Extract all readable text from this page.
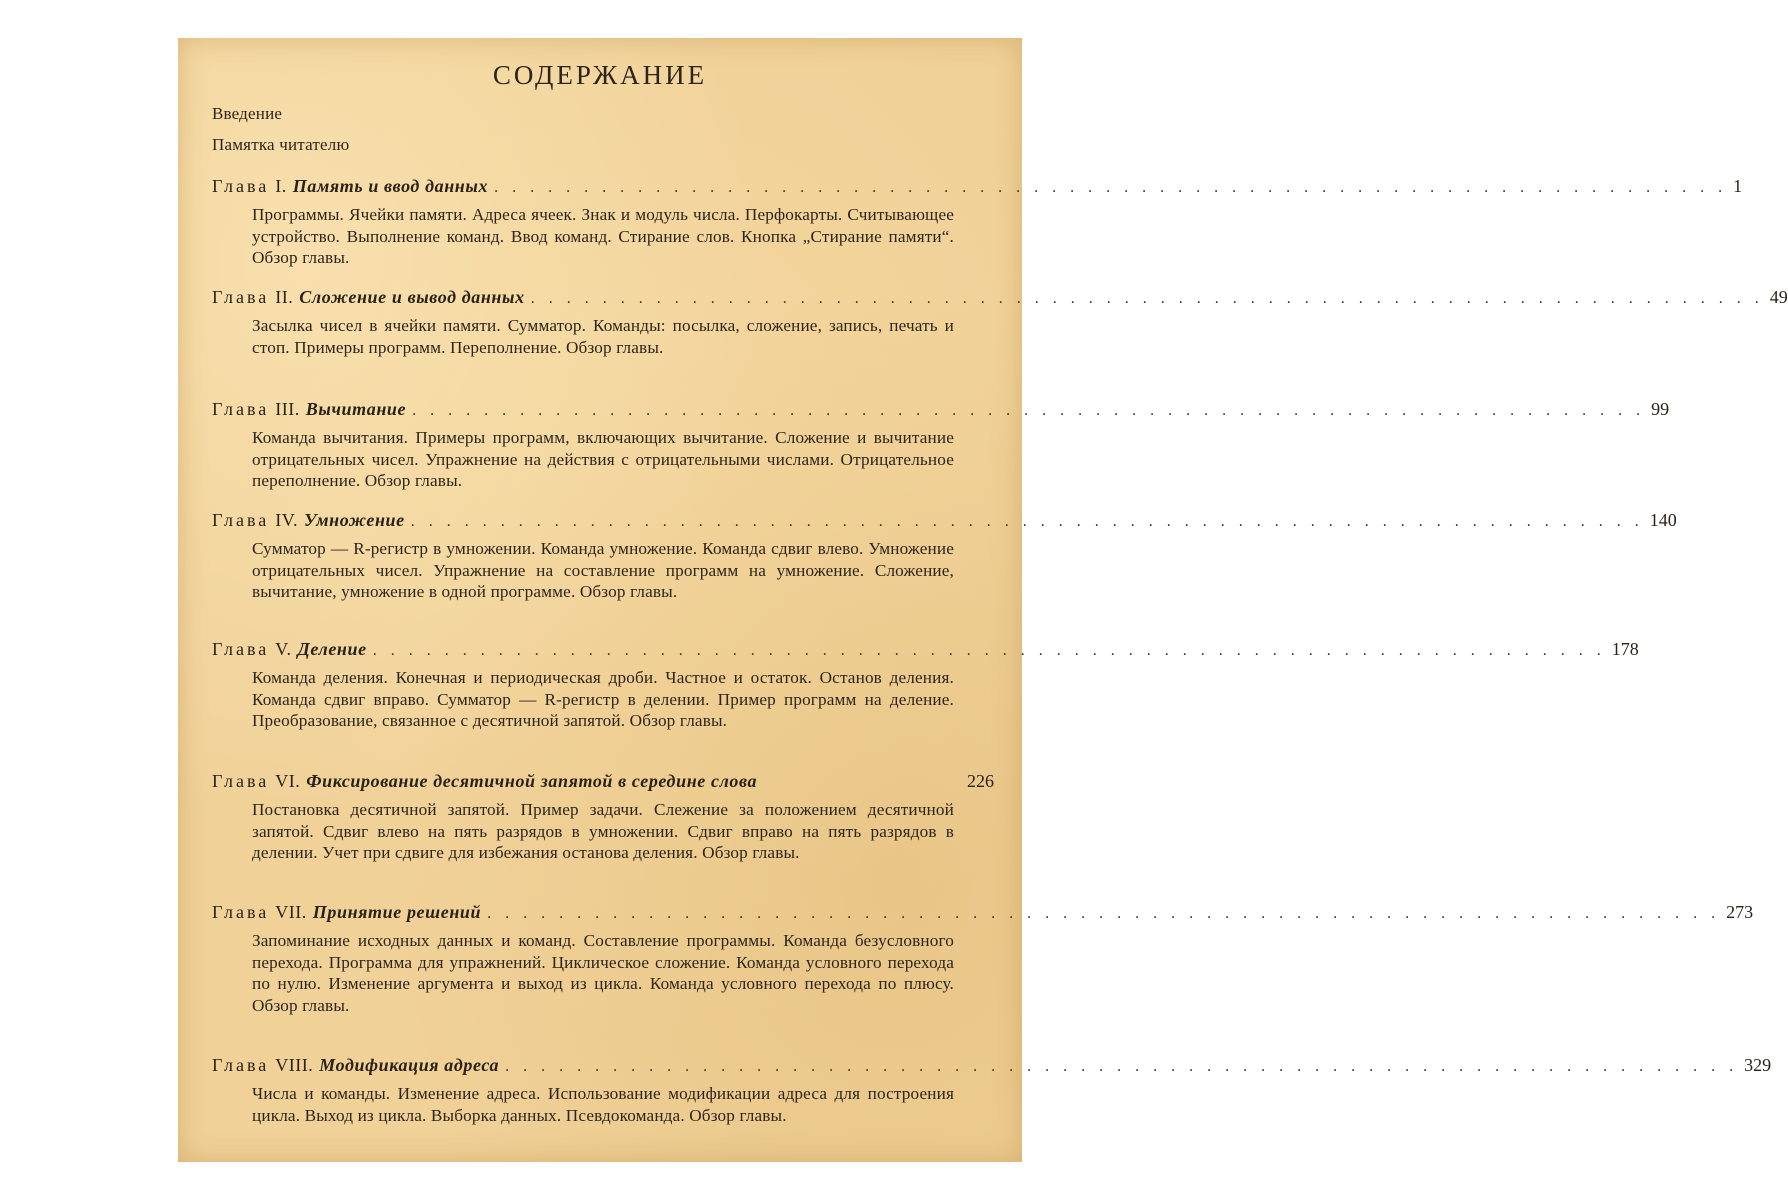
СОДЕРЖАНИЕ
Введение
Памятка читателю
Глава I. Память и ввод данных . . . . . . . . . . . . . . . . . . . . . . . . . . . . . . . . . . . . . . . . . . . . . . . . . . . . . . . . . . . . . . . . . . . . . 1
Программы. Ячейки памяти. Адреса ячеек. Знак и модуль числа. Перфокарты. Считывающее устройство. Выполнение команд. Ввод команд. Стирание слов. Кнопка „Стирание памяти“. Обзор главы.
Глава II. Сложение и вывод данных . . . . . . . . . . . . . . . . . . . . . . . . . . . . . . . . . . . . . . . . . . . . . . . . . . . . . . . . . . . . . . . . . . . . . 49
Засылка чисел в ячейки памяти. Сумматор. Команды: посылка, сложение, запись, печать и стоп. Примеры программ. Переполнение. Обзор главы.
Глава III. Вычитание . . . . . . . . . . . . . . . . . . . . . . . . . . . . . . . . . . . . . . . . . . . . . . . . . . . . . . . . . . . . . . . . . . . . . 99
Команда вычитания. Примеры программ, включающих вычитание. Сложение и вычитание отрицательных чисел. Упражнение на действия с отрицательными числами. Отрицательное переполнение. Обзор главы.
Глава IV. Умножение . . . . . . . . . . . . . . . . . . . . . . . . . . . . . . . . . . . . . . . . . . . . . . . . . . . . . . . . . . . . . . . . . . . . . 140
Сумматор — R-регистр в умножении. Команда умножение. Команда сдвиг влево. Умножение отрицательных чисел. Упражнение на составление программ на умножение. Сложение, вычитание, умножение в одной программе. Обзор главы.
Глава V. Деление . . . . . . . . . . . . . . . . . . . . . . . . . . . . . . . . . . . . . . . . . . . . . . . . . . . . . . . . . . . . . . . . . . . . . 178
Команда деления. Конечная и периодическая дроби. Частное и остаток. Останов деления. Команда сдвиг вправо. Сумматор — R-регистр в делении. Пример программ на деление. Преобразование, связанное с десятичной запятой. Обзор главы.
Глава VI. Фиксирование десятичной запятой в середине слова	226
Постановка десятичной запятой. Пример задачи. Слежение за положением десятичной запятой. Сдвиг влево на пять разрядов в умножении. Сдвиг вправо на пять разрядов в делении. Учет при сдвиге для избежания останова деления. Обзор главы.
Глава VII. Принятие решений . . . . . . . . . . . . . . . . . . . . . . . . . . . . . . . . . . . . . . . . . . . . . . . . . . . . . . . . . . . . . . . . . . . . . 273
Запоминание исходных данных и команд. Составление программы. Команда безусловного перехода. Программа для упражнений. Циклическое сложение. Команда условного перехода по нулю. Изменение аргумента и выход из цикла. Команда условного перехода по плюсу. Обзор главы.
Глава VIII. Модификация адреса . . . . . . . . . . . . . . . . . . . . . . . . . . . . . . . . . . . . . . . . . . . . . . . . . . . . . . . . . . . . . . . . . . . . . 329
Числа и команды. Изменение адреса. Использование модификации адреса для построения цикла. Выход из цикла. Выборка данных. Псевдокоманда. Обзор главы.
